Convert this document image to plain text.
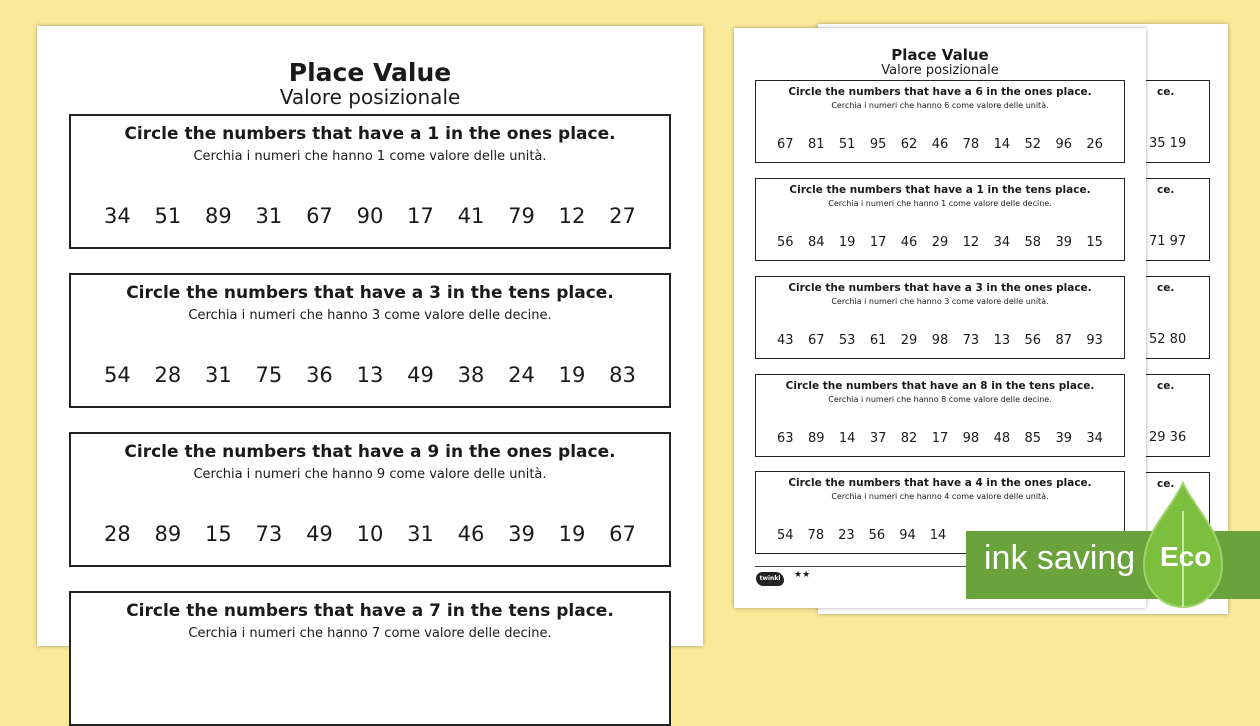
ce.
35 19
ce.
71 97
ce.
52 80
ce.
29 36
ce.
Place Value
Valore posizionale
Circle the numbers that have a 1 in the ones place.
Cerchia i numeri che hanno 1 come valore delle unità.
34 51 89 31 67 90 17 41 79 12 27
Circle the numbers that have a 3 in the tens place.
Cerchia i numeri che hanno 3 come valore delle decine.
54 28 31 75 36 13 49 38 24 19 83
Circle the numbers that have a 9 in the ones place.
Cerchia i numeri che hanno 9 come valore delle unità.
28 89 15 73 49 10 31 46 39 19 67
Circle the numbers that have a 7 in the tens place.
Cerchia i numeri che hanno 7 come valore delle decine.
Place Value
Valore posizionale
Circle the numbers that have a 6 in the ones place.
Cerchia i numeri che hanno 6 come valore delle unità.
67 81 51 95 62 46 78 14 52 96 26
Circle the numbers that have a 1 in the tens place.
Cerchia i numeri che hanno 1 come valore delle decine.
56 84 19 17 46 29 12 34 58 39 15
Circle the numbers that have a 3 in the ones place.
Cerchia i numeri che hanno 3 come valore delle unità.
43 67 53 61 29 98 73 13 56 87 93
Circle the numbers that have an 8 in the tens place.
Cerchia i numeri che hanno 8 come valore delle decine.
63 89 14 37 82 17 98 48 85 39 34
Circle the numbers that have a 4 in the ones place.
Cerchia i numeri che hanno 4 come valore delle unità.
54 78 23 56 94 14
twinkl	★★	ink saving Eco
